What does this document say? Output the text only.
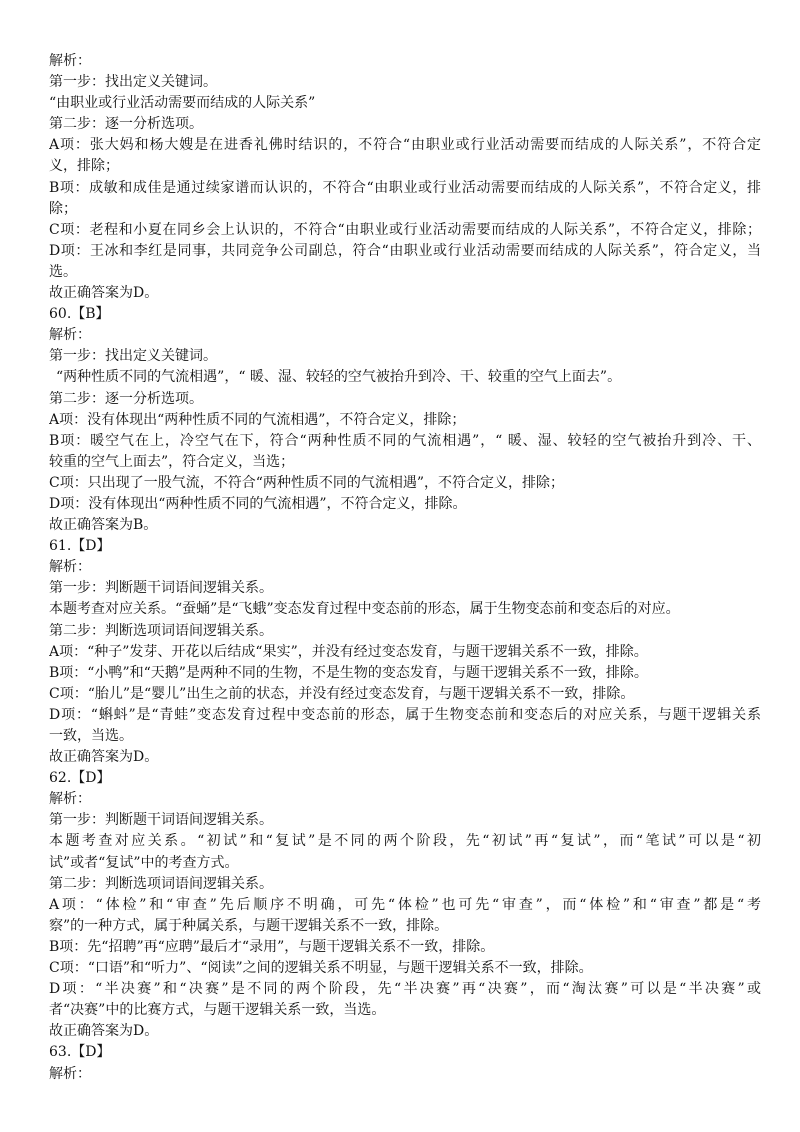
解析：
第一步：找出定义关键词。
“由职业或行业活动需要而结成的人际关系”
第二步：逐一分析选项。
A项：张大妈和杨大嫂是在进香礼佛时结识的，不符合“由职业或行业活动需要而结成的人际关系”，不符合定
义，排除；
B项：成敏和成佳是通过续家谱而认识的，不符合“由职业或行业活动需要而结成的人际关系”，不符合定义，排
除；
C项：老程和小夏在同乡会上认识的，不符合“由职业或行业活动需要而结成的人际关系”，不符合定义，排除；
D项：王冰和李红是同事，共同竞争公司副总，符合“由职业或行业活动需要而结成的人际关系”，符合定义，当
选。
故正确答案为D。
60.【B】
解析：
第一步：找出定义关键词。
“两种性质不同的气流相遇”，“ 暖、湿、较轻的空气被抬升到冷、干、较重的空气上面去”。
第二步：逐一分析选项。
A项：没有体现出“两种性质不同的气流相遇”，不符合定义，排除；
B项：暖空气在上，冷空气在下，符合“两种性质不同的气流相遇”，“ 暖、湿、较轻的空气被抬升到冷、干、
较重的空气上面去”，符合定义，当选；
C项：只出现了一股气流，不符合“两种性质不同的气流相遇”，不符合定义，排除；
D项：没有体现出“两种性质不同的气流相遇”，不符合定义，排除。
故正确答案为B。
61.【D】
解析：
第一步：判断题干词语间逻辑关系。
本题考查对应关系。“蚕蛹”是“飞蛾”变态发育过程中变态前的形态，属于生物变态前和变态后的对应。
第二步：判断选项词语间逻辑关系。
A项：“种子”发芽、开花以后结成“果实”，并没有经过变态发育，与题干逻辑关系不一致，排除。
B项：“小鸭”和“天鹅”是两种不同的生物，不是生物的变态发育，与题干逻辑关系不一致，排除。
C项：“胎儿”是“婴儿”出生之前的状态，并没有经过变态发育，与题干逻辑关系不一致，排除。
D项：“蝌蚪”是“青蛙”变态发育过程中变态前的形态，属于生物变态前和变态后的对应关系，与题干逻辑关系
一致，当选。
故正确答案为D。
62.【D】
解析：
第一步：判断题干词语间逻辑关系。
本题考查对应关系。“初试”和“复试”是不同的两个阶段，先“初试”再“复试”，而“笔试”可以是“初
试”或者“复试”中的考查方式。
第二步：判断选项词语间逻辑关系。
A项：“体检”和“审查”先后顺序不明确，可先“体检”也可先“审查”，而“体检”和“审查”都是“考
察”的一种方式，属于种属关系，与题干逻辑关系不一致，排除。
B项：先“招聘”再“应聘”最后才“录用”，与题干逻辑关系不一致，排除。
C项：“口语”和“听力”、“阅读”之间的逻辑关系不明显，与题干逻辑关系不一致，排除。
D项：“半决赛”和“决赛”是不同的两个阶段，先“半决赛”再“决赛”，而“淘汰赛”可以是“半决赛”或
者“决赛”中的比赛方式，与题干逻辑关系一致，当选。
故正确答案为D。
63.【D】
解析：
